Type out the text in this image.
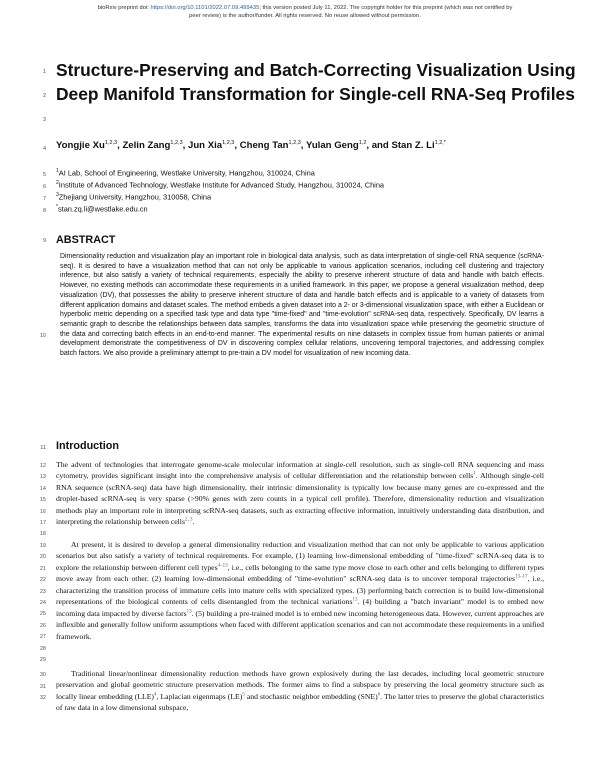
bioRxiv preprint doi: https://doi.org/10.1101/2022.07.09.499435; this version posted July 11, 2022. The copyright holder for this preprint (which was not certified by peer review) is the author/funder. All rights reserved. No reuse allowed without permission.
1
2
3
4
5
6
7
8
9
10
11
12
13
14
15
16
17
18
19
20
21
22
23
24
25
26
27
28
29
30
31
32
Structure-Preserving and Batch-Correcting Visualization Using Deep Manifold Transformation for Single-cell RNA-Seq Profiles
Yongjie Xu$^{1,2,3}$, Zelin Zang$^{1,2,3}$, Jun Xia$^{1,2,3}$, Cheng Tan$^{1,2,3}$, Yulan Geng$^{1,2}$, and Stan Z. $Li^{1,2,*}$
$^1$AI Lab, School of Engineering, Westlake University, Hangzhou, 310024, China
$^2$Institute of Advanced Technology, Westlake Institute for Advanced Study, Hangzhou, 310024, China
$^3$Zhejiang University, Hangzhou, 310058, China
*stan.zq.li@westlake.edu.cn
ABSTRACT
Dimensionality reduction and visualization play an important role in biological data analysis, such as data interpretation of single-cell RNA sequence (scRNA-seq). It is desired to have a visualization method that can not only be applicable to various application scenarios, including cell clustering and trajectory inference, but also satisfy a variety of technical requirements, especially the ability to preserve inherent structure of data and handle with batch effects. However, no existing methods can accommodate these requirements in a unified framework. In this paper, we propose a general visualization method, deep visualization (DV), that possesses the ability to preserve inherent structure of data and handle batch effects and is applicable to a variety of datasets from different application domains and dataset scales. The method embeds a given dataset into a 2- or 3-dimensional visualization space, with either a Euclidean or hyperbolic metric depending on a specified task type and data type "time-fixed" and "time-evolution" scRNA-seq data, respectively. Specifically, DV learns a semantic graph to describe the relationships between data samples, transforms the data into visualization space while preserving the geometric structure of the data and correcting batch effects in an end-to-end manner. The experimental results on nine datasets in complex tissue from human patients or animal development demonstrate the competitiveness of DV in discovering complex cellular relations, uncovering temporal trajectories, and addressing complex batch factors. We also provide a preliminary attempt to pre-train a DV model for visualization of new incoming data.
Introduction
The advent of technologies that interrogate genome-scale molecular information at single-cell resolution, such as single-cell RNA sequencing and mass cytometry, provides significant insight into the comprehensive analysis of cellular differentiation and the relationship between cells$^1$. Although single-cell RNA sequence (scRNA-seq) data have high dimensionality, their intrinsic dimensionality is typically low because many genes are co-expressed and the droplet-based scRNA-seq is very sparse (>90% genes with zero counts in a typical cell profile). Therefore, dimensionality reduction and visualization methods play an important role in interpreting scRNA-seq datasets, such as extracting effective information, intuitively understanding data distribution, and interpreting the relationship between cells$^{2, 3}$.
At present, it is desired to develop a general dimensionality reduction and visualization method that can not only be applicable to various application scenarios but also satisfy a variety of technical requirements. For example, (1) learning low-dimensional embedding of "time-fixed" scRNA-seq data is to explore the relationship between different cell types$^{4-13}$, i.e., cells belonging to the same type move close to each other and cells belonging to different types move away from each other. (2) learning low-dimensional embedding of "time-evolution" scRNA-seq data is to uncover temporal trajectories$^{13-17}$, i.e., characterizing the transition process of immature cells into mature cells with specialized types. (3) performing batch correction is to build low-dimensional representations of the biological contents of cells disentangled from the technical variations$^{13}$. (4) building a "batch invariant" model is to embed new incoming data impacted by diverse factors$^{13}$. (5) building a pre-trained model is to embed new incoming heterogeneous data. However, current approaches are inflexible and generally follow uniform assumptions when faced with different application scenarios and can not accommodate these requirements in a unified framework.
Traditional linear/nonlinear dimensionality reduction methods have grown explosively during the last decades, including local geometric structure preservation and global geometric structure preservation methods. The former aims to find a subspace by preserving the local geometry structure such as locally linear embedding (LLE)$^4$, Laplacian eigenmaps (LE)$^5$ and stochastic neighbor embedding (SNE)$^6$. The latter tries to preserve the global characteristics of raw data in a low dimensional subspace,
